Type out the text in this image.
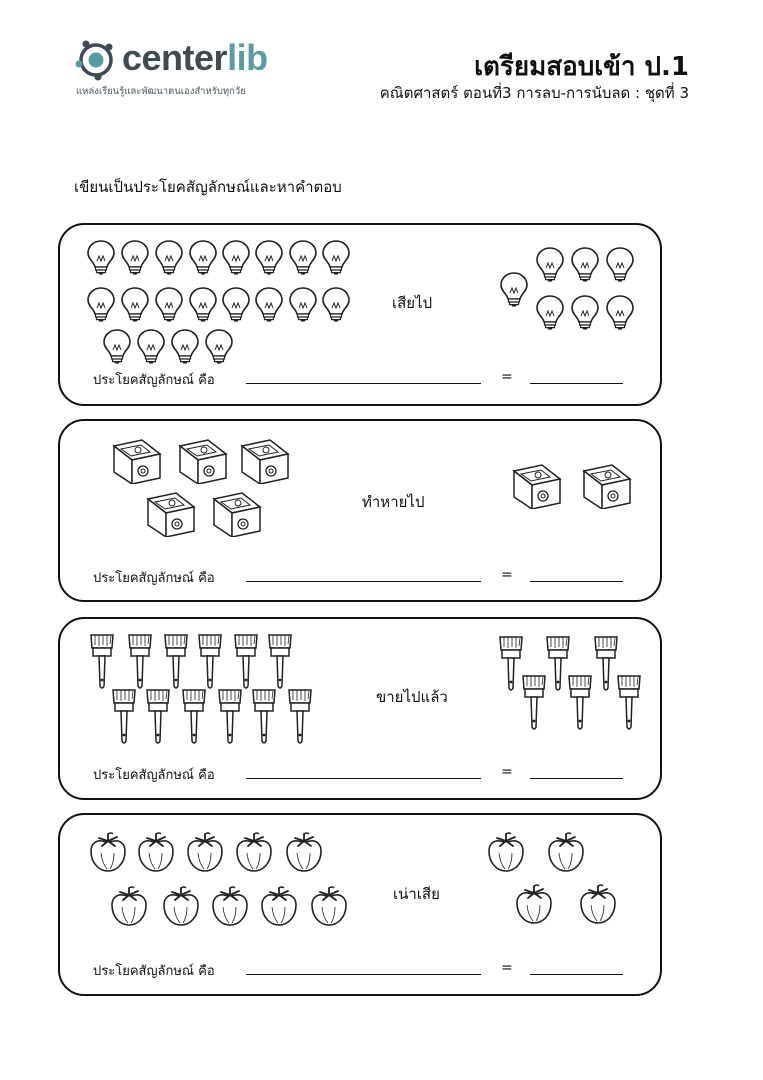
centerlib
แหล่งเรียนรู้และพัฒนาตนเองสำหรับทุกวัย
เตรียมสอบเข้า ป.1
คณิตศาสตร์ ตอนที่3 การลบ-การนับลด : ชุดที่ 3
เขียนเป็นประโยคสัญลักษณ์และหาคำตอบ
เสียไป
ประโยคสัญลักษณ์ คือ	=
ทำหายไป
ประโยคสัญลักษณ์ คือ	=
ขายไปแล้ว
ประโยคสัญลักษณ์ คือ	=
เน่าเสีย
ประโยคสัญลักษณ์ คือ	=
